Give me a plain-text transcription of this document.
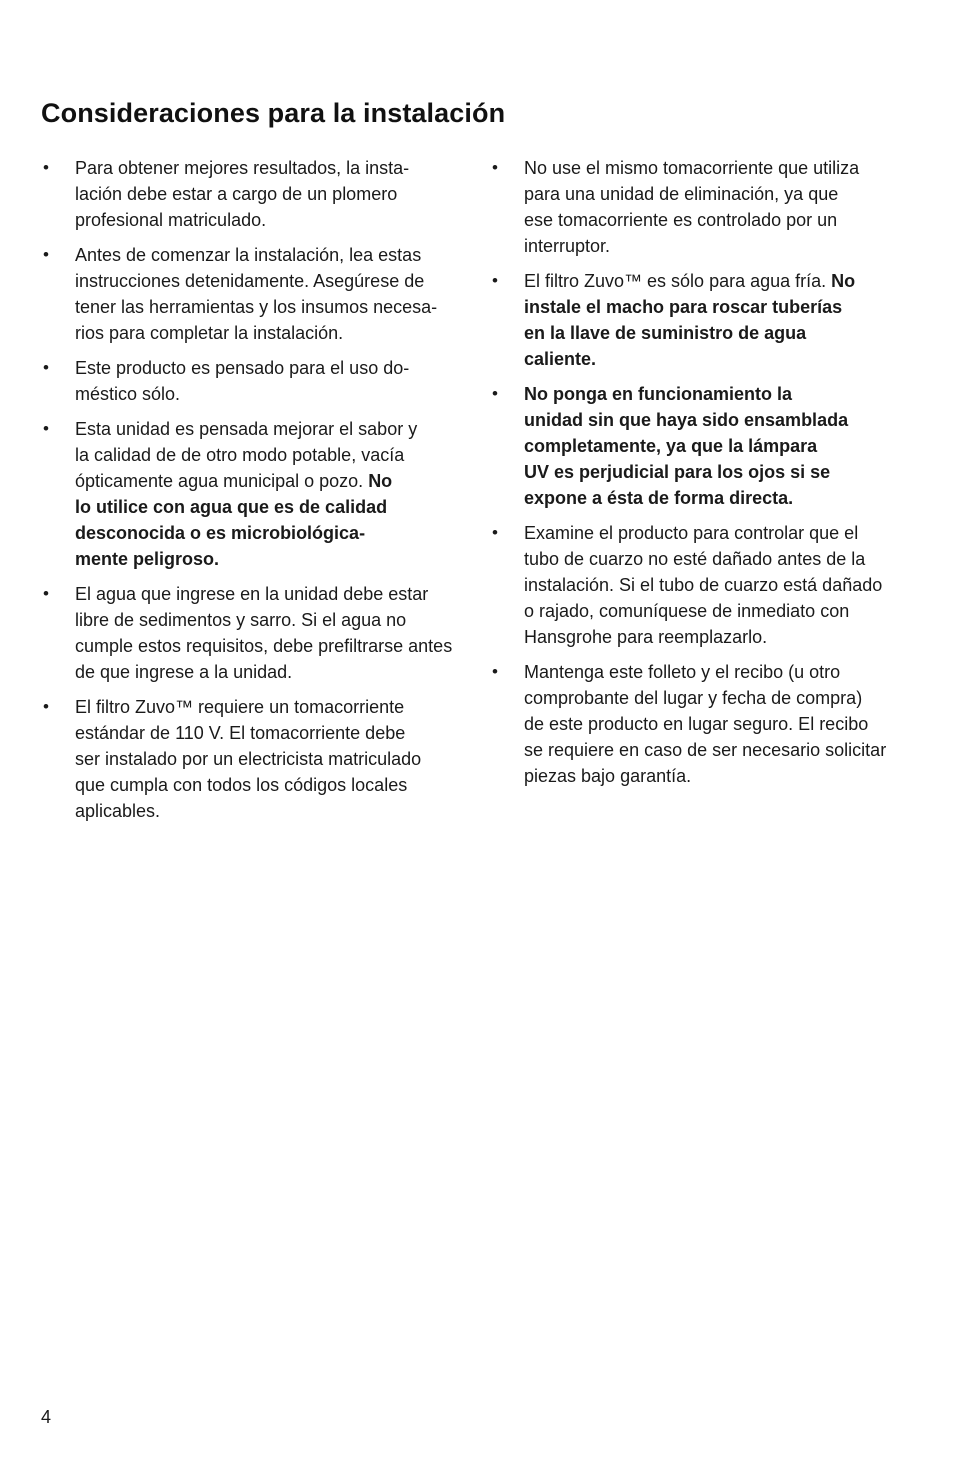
Consideraciones para la instalación
• Para obtener mejores resultados, la insta-
lación debe estar a cargo de un plomero
profesional matriculado.
• Antes de comenzar la instalación, lea estas
instrucciones detenidamente. Asegúrese de
tener las herramientas y los insumos necesa-
rios para completar la instalación.
• Este producto es pensado para el uso do-
méstico sólo.
• Esta unidad es pensada mejorar el sabor y
la calidad de de otro modo potable, vacía
ópticamente agua municipal o pozo. No
lo utilice con agua que es de calidad
desconocida o es microbiológica-
mente peligroso.
• El agua que ingrese en la unidad debe estar
libre de sedimentos y sarro. Si el agua no
cumple estos requisitos, debe prefiltrarse antes
de que ingrese a la unidad.
• El filtro Zuvo™ requiere un tomacorriente
estándar de 110 V. El tomacorriente debe
ser instalado por un electricista matriculado
que cumpla con todos los códigos locales
aplicables.
• No use el mismo tomacorriente que utiliza
para una unidad de eliminación, ya que
ese tomacorriente es controlado por un
interruptor.
• El filtro Zuvo™ es sólo para agua fría. No
instale el macho para roscar tuberías
en la llave de suministro de agua
caliente.
• No ponga en funcionamiento la
unidad sin que haya sido ensamblada
completamente, ya que la lámpara
UV es perjudicial para los ojos si se
expone a ésta de forma directa.
• Examine el producto para controlar que el
tubo de cuarzo no esté dañado antes de la
instalación. Si el tubo de cuarzo está dañado
o rajado, comuníquese de inmediato con
Hansgrohe para reemplazarlo.
• Mantenga este folleto y el recibo (u otro
comprobante del lugar y fecha de compra)
de este producto en lugar seguro. El recibo
se requiere en caso de ser necesario solicitar
piezas bajo garantía.
4
